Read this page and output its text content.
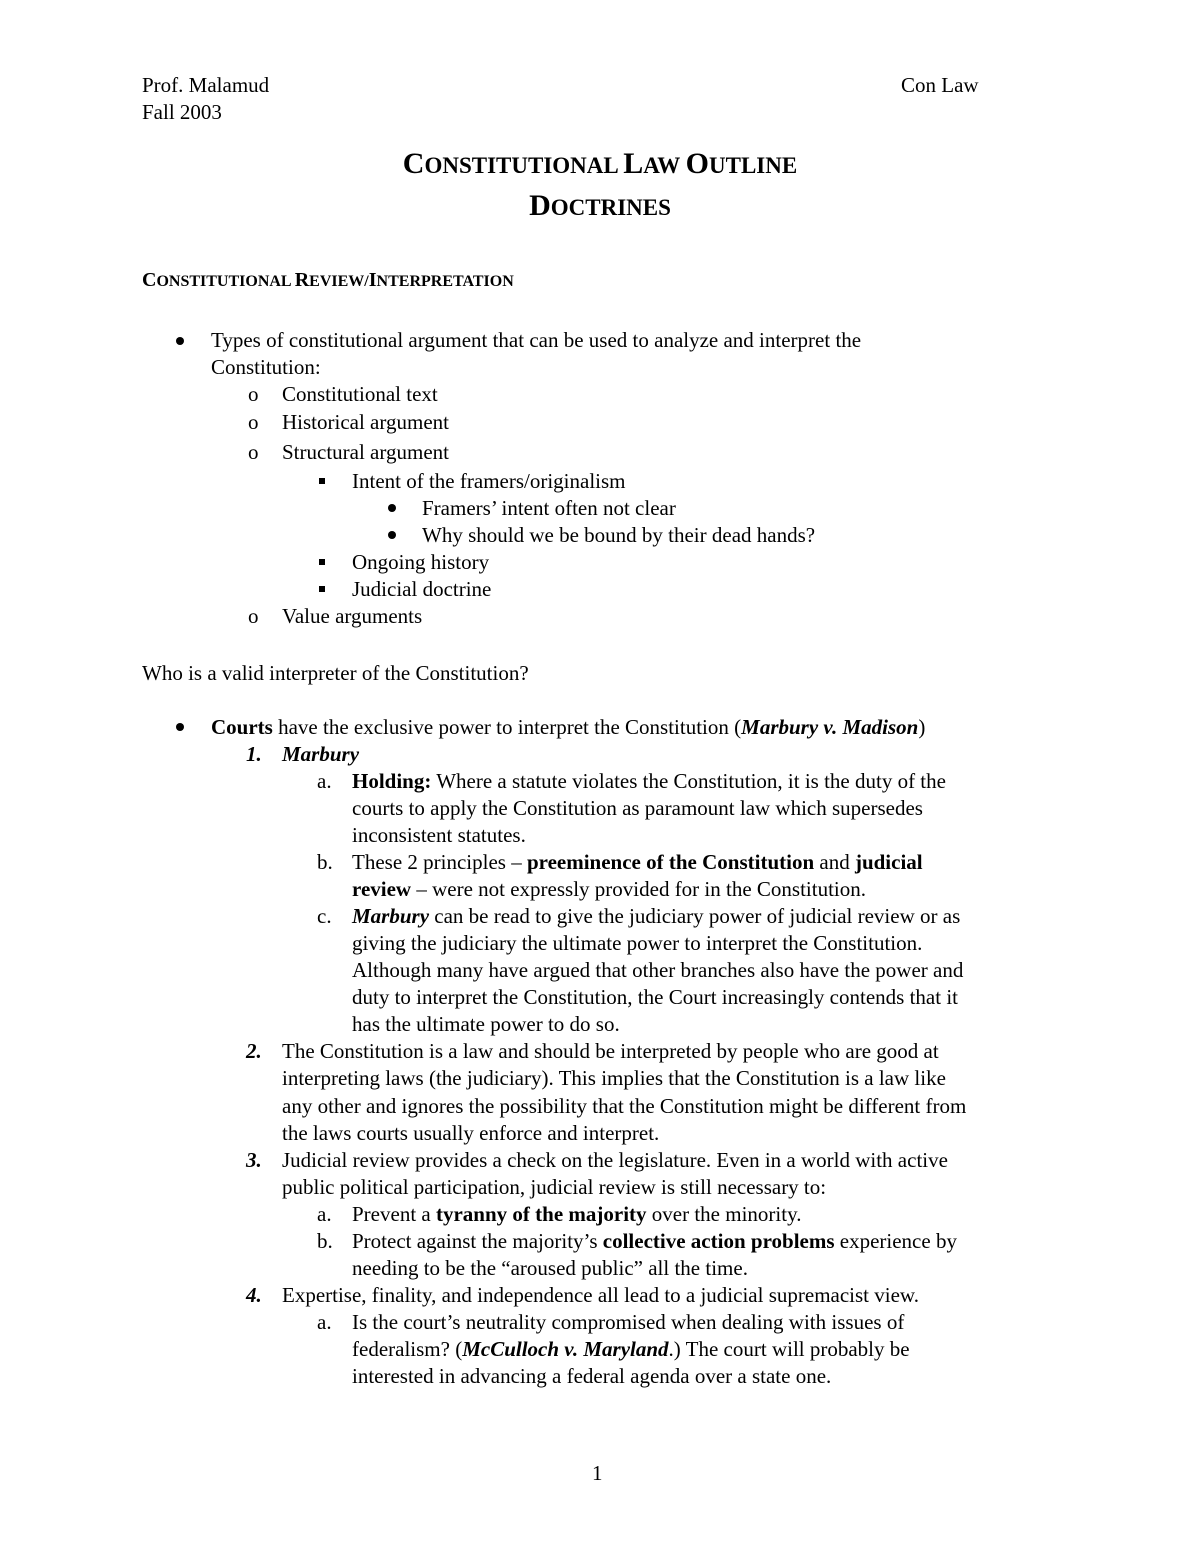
Prof. Malamud
Fall 2003
Con Law
CONSTITUTIONAL LAW OUTLINE
DOCTRINES
CONSTITUTIONAL REVIEW/INTERPRETATION
Types of constitutional argument that can be used to analyze and interpret the
Constitution:
o Constitutional text
o Historical argument
o Structural argument
Intent of the framers/originalism
Framers’ intent often not clear
Why should we be bound by their dead hands?
Ongoing history
Judicial doctrine
o Value arguments
Who is a valid interpreter of the Constitution?
Courts have the exclusive power to interpret the Constitution (Marbury v. Madison)
1. Marbury
a. Holding: Where a statute violates the Constitution, it is the duty of the
courts to apply the Constitution as paramount law which supersedes
inconsistent statutes.
b. These 2 principles – preeminence of the Constitution and judicial
review – were not expressly provided for in the Constitution.
c. Marbury can be read to give the judiciary power of judicial review or as
giving the judiciary the ultimate power to interpret the Constitution.
Although many have argued that other branches also have the power and
duty to interpret the Constitution, the Court increasingly contends that it
has the ultimate power to do so.
2. The Constitution is a law and should be interpreted by people who are good at
interpreting laws (the judiciary). This implies that the Constitution is a law like
any other and ignores the possibility that the Constitution might be different from
the laws courts usually enforce and interpret.
3. Judicial review provides a check on the legislature. Even in a world with active
public political participation, judicial review is still necessary to:
a. Prevent a tyranny of the majority over the minority.
b. Protect against the majority’s collective action problems experience by
needing to be the “aroused public” all the time.
4. Expertise, finality, and independence all lead to a judicial supremacist view.
a. Is the court’s neutrality compromised when dealing with issues of
federalism? (McCulloch v. Maryland.) The court will probably be
interested in advancing a federal agenda over a state one.
1
